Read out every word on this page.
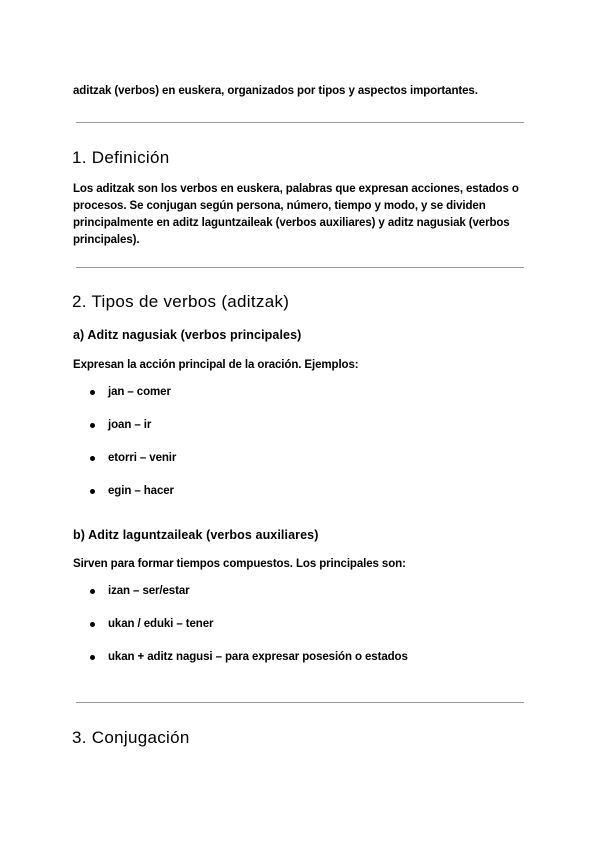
aditzak (verbos) en euskera, organizados por tipos y aspectos importantes.
1. Definición
Los aditzak son los verbos en euskera, palabras que expresan acciones, estados o procesos. Se conjugan según persona, número, tiempo y modo, y se dividen principalmente en aditz laguntzaileak (verbos auxiliares) y aditz nagusiak (verbos principales).
2. Tipos de verbos (aditzak)
a) Aditz nagusiak (verbos principales)
Expresan la acción principal de la oración. Ejemplos:
jan – comer
joan – ir
etorri – venir
egin – hacer
b) Aditz laguntzaileak (verbos auxiliares)
Sirven para formar tiempos compuestos. Los principales son:
izan – ser/estar
ukan / eduki – tener
ukan + aditz nagusi – para expresar posesión o estados
3. Conjugación
